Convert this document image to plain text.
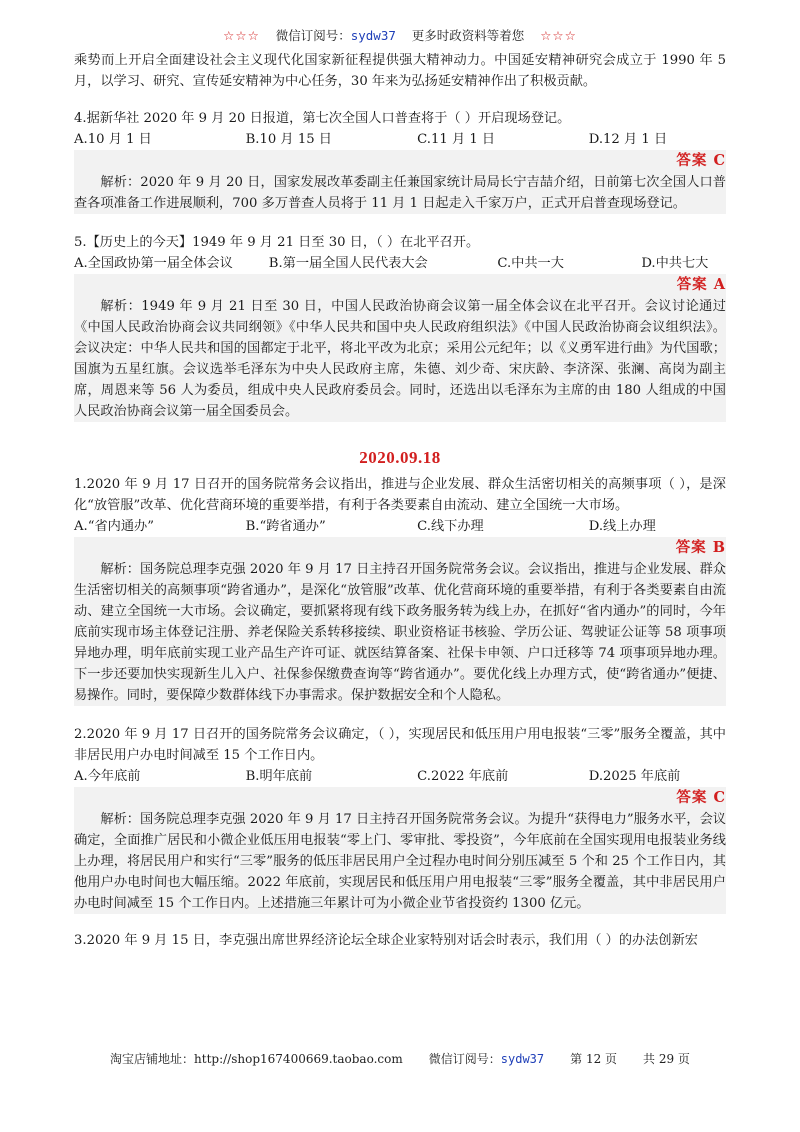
☆☆☆ 微信订阅号：sydw37 更多时政资料等着您 ☆☆☆

乘势而上开启全面建设社会主义现代化国家新征程提供强大精神动力。中国延安精神研究会成立于 1990 年 5 月，以学习、研究、宣传延安精神为中心任务，30 年来为弘扬延安精神作出了积极贡献。

4.据新华社 2020 年 9 月 20 日报道，第七次全国人口普查将于（ ）开启现场登记。

A.10 月 1 日	B.10 月 15 日	C.11 月 1 日	D.12 月 1 日
答案 C

解析：2020 年 9 月 20 日，国家发展改革委副主任兼国家统计局局长宁吉喆介绍，日前第七次全国人口普查各项准备工作进展顺利，700 多万普查人员将于 11 月 1 日起走入千家万户，正式开启普查现场登记。

5.【历史上的今天】1949 年 9 月 21 日至 30 日，（ ）在北平召开。

A.全国政协第一届全体会议	B.第一届全国人民代表大会	C.中共一大	D.中共七大
答案 A

解析：1949 年 9 月 21 日至 30 日，中国人民政治协商会议第一届全体会议在北平召开。会议讨论通过《中国人民政治协商会议共同纲领》《中华人民共和国中央人民政府组织法》《中国人民政治协商会议组织法》。会议决定：中华人民共和国的国都定于北平，将北平改为北京；采用公元纪年；以《义勇军进行曲》为代国歌；国旗为五星红旗。会议选举毛泽东为中央人民政府主席，朱德、刘少奇、宋庆龄、李济深、张澜、高岗为副主席，周恩来等 56 人为委员，组成中央人民政府委员会。同时，还选出以毛泽东为主席的由 180 人组成的中国人民政治协商会议第一届全国委员会。

2020.09.18

1.2020 年 9 月 17 日召开的国务院常务会议指出，推进与企业发展、群众生活密切相关的高频事项（ ），是深化“放管服”改革、优化营商环境的重要举措，有利于各类要素自由流动、建立全国统一大市场。

A.“省内通办”	B.“跨省通办”	C.线下办理	D.线上办理
答案 B

解析：国务院总理李克强 2020 年 9 月 17 日主持召开国务院常务会议。会议指出，推进与企业发展、群众生活密切相关的高频事项“跨省通办”，是深化“放管服”改革、优化营商环境的重要举措，有利于各类要素自由流动、建立全国统一大市场。会议确定，要抓紧将现有线下政务服务转为线上办，在抓好“省内通办”的同时，今年底前实现市场主体登记注册、养老保险关系转移接续、职业资格证书核验、学历公证、驾驶证公证等 58 项事项异地办理，明年底前实现工业产品生产许可证、就医结算备案、社保卡申领、户口迁移等 74 项事项异地办理。下一步还要加快实现新生儿入户、社保参保缴费查询等“跨省通办”。要优化线上办理方式，使“跨省通办”便捷、易操作。同时，要保障少数群体线下办事需求。保护数据安全和个人隐私。

2.2020 年 9 月 17 日召开的国务院常务会议确定，（ ），实现居民和低压用户用电报装“三零”服务全覆盖，其中非居民用户办电时间减至 15 个工作日内。

A.今年底前	B.明年底前	C.2022 年底前	D.2025 年底前
答案 C

解析：国务院总理李克强 2020 年 9 月 17 日主持召开国务院常务会议。为提升“获得电力”服务水平，会议确定，全面推广居民和小微企业低压用电报装“零上门、零审批、零投资”，今年底前在全国实现用电报装业务线上办理，将居民用户和实行“三零”服务的低压非居民用户全过程办电时间分别压减至 5 个和 25 个工作日内，其他用户办电时间也大幅压缩。2022 年底前，实现居民和低压用户用电报装“三零”服务全覆盖，其中非居民用户办电时间减至 15 个工作日内。上述措施三年累计可为小微企业节省投资约 1300 亿元。

3.2020 年 9 月 15 日，李克强出席世界经济论坛全球企业家特别对话会时表示，我们用（ ）的办法创新宏

淘宝店铺地址：http://shop167400669.taobao.com 微信订阅号：sydw37 第 12 页 共 29 页
